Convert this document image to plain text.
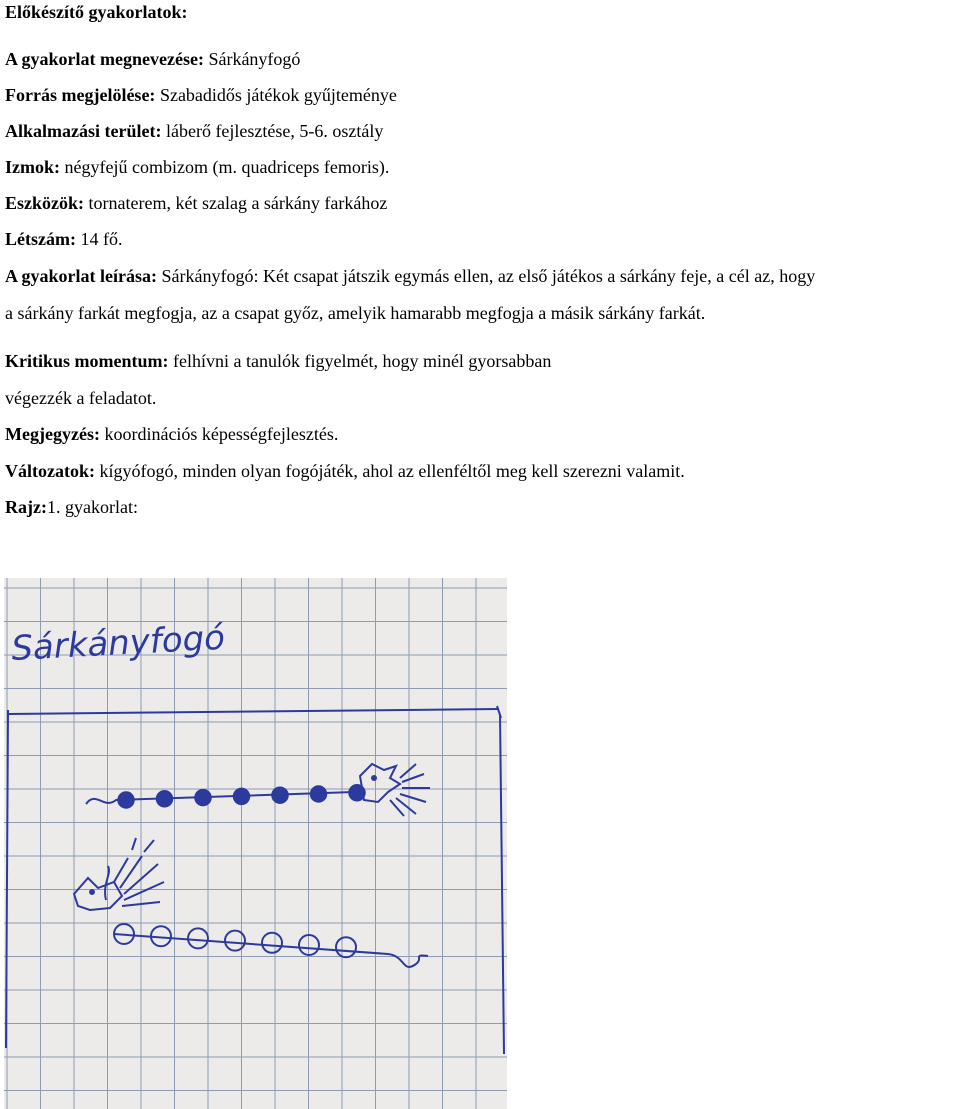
Előkészítő gyakorlatok:
A gyakorlat megnevezése: Sárkányfogó
Forrás megjelölése: Szabadidős játékok gyűjteménye
Alkalmazási terület: láberő fejlesztése, 5-6. osztály
Izmok: négyfejű combizom (m. quadriceps femoris).
Eszközök: tornaterem, két szalag a sárkány farkához
Létszám: 14 fő.
A gyakorlat leírása: Sárkányfogó: Két csapat játszik egymás ellen, az első játékos a sárkány feje, a cél az, hogy
a sárkány farkát megfogja, az a csapat győz, amelyik hamarabb megfogja a másik sárkány farkát.
Kritikus momentum: felhívni a tanulók figyelmét, hogy minél gyorsabban
végezzék a feladatot.
Megjegyzés: koordinációs képességfejlesztés.
Változatok: kígyófogó, minden olyan fogójáték, ahol az ellenféltől meg kell szerezni valamit.
Rajz:1. gyakorlat:
Sárkányfogó
